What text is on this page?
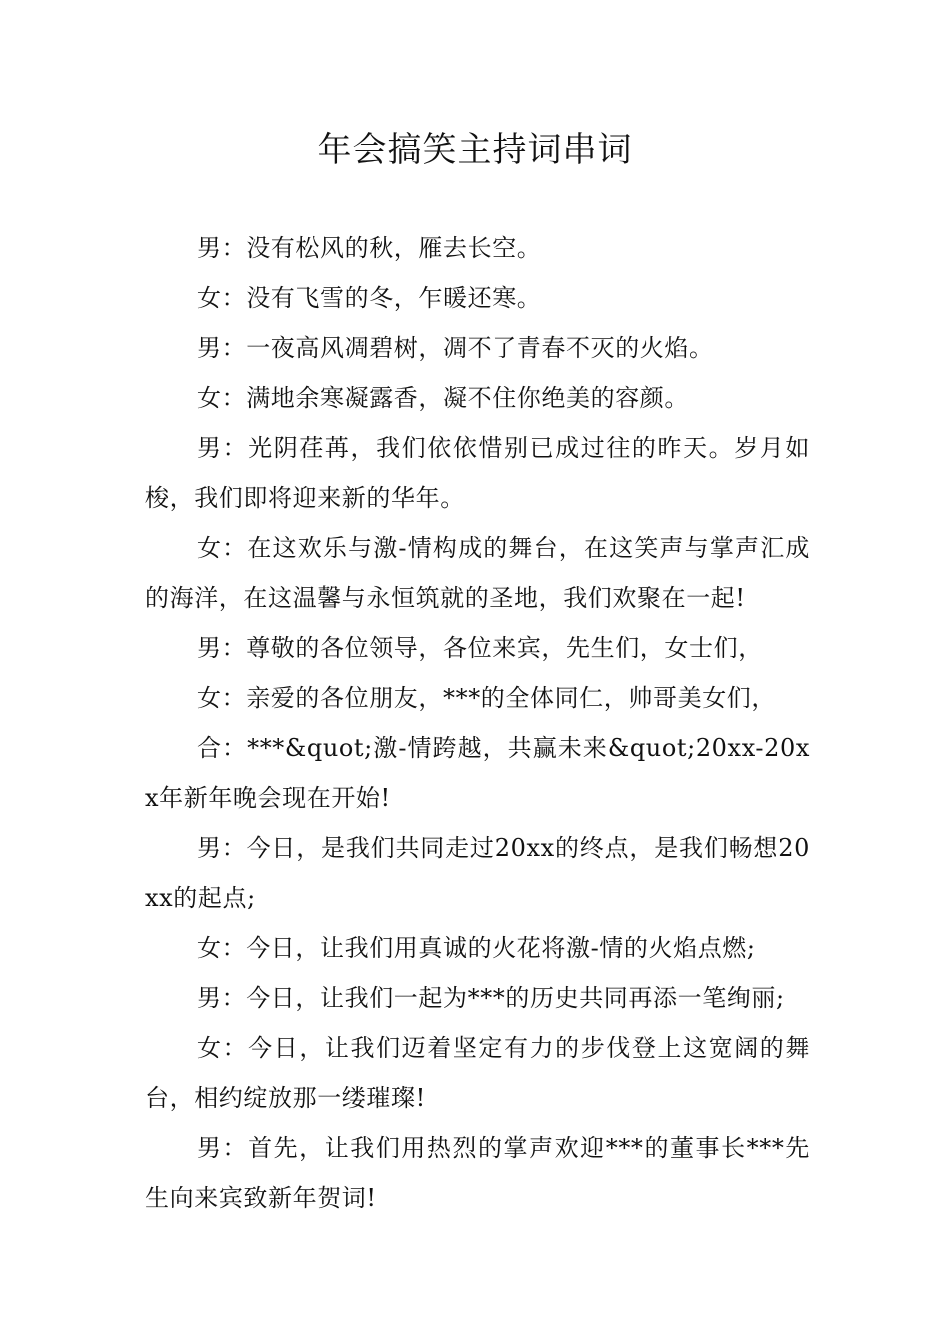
年会搞笑主持词串词

男：没有松风的秋，雁去长空。

女：没有飞雪的冬，乍暖还寒。

男：一夜高风凋碧树，凋不了青春不灭的火焰。

女：满地余寒凝露香，凝不住你绝美的容颜。

男：光阴荏苒，我们依依惜别已成过往的昨天。岁月如梭，我们即将迎来新的华年。

女：在这欢乐与激-情构成的舞台，在这笑声与掌声汇成的海洋，在这温馨与永恒筑就的圣地，我们欢聚在一起!

男：尊敬的各位领导，各位来宾，先生们，女士们，

女：亲爱的各位朋友，***的全体同仁，帅哥美女们，

合：***&quot;激-情跨越，共赢未来&quot;20xx-20xx年新年晚会现在开始!

男：今日，是我们共同走过20xx的终点，是我们畅想20xx的起点;

女：今日，让我们用真诚的火花将激-情的火焰点燃;

男：今日，让我们一起为***的历史共同再添一笔绚丽;

女：今日，让我们迈着坚定有力的步伐登上这宽阔的舞台，相约绽放那一缕璀璨!

男：首先，让我们用热烈的掌声欢迎***的董事长***先生向来宾致新年贺词!
